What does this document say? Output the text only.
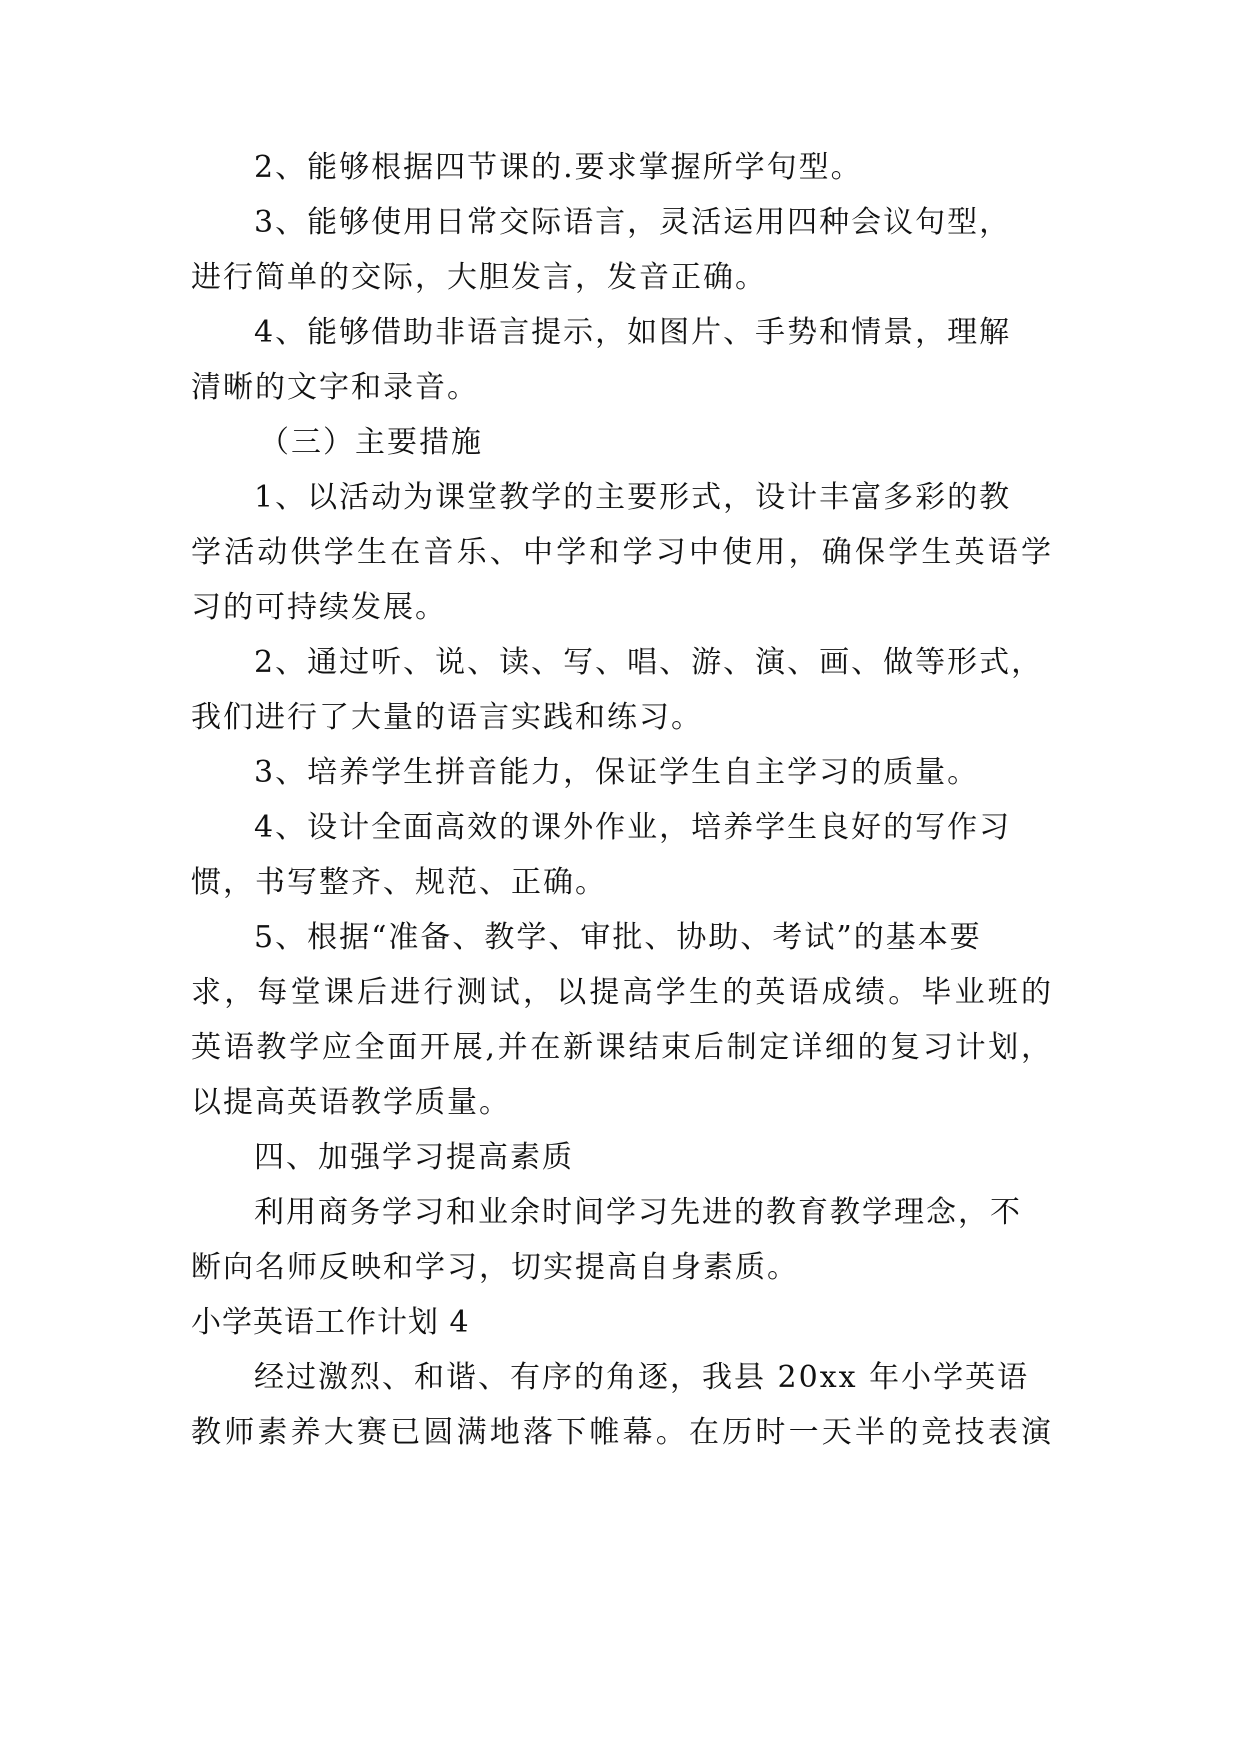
2、能够根据四节课的.要求掌握所学句型。
3、能够使用日常交际语言，灵活运用四种会议句型，
进行简单的交际，大胆发言，发音正确。
4、能够借助非语言提示，如图片、手势和情景，理解
清晰的文字和录音。
（三）主要措施
1、以活动为课堂教学的主要形式，设计丰富多彩的教
学活动供学生在音乐、中学和学习中使用，确保学生英语学
习的可持续发展。
2、通过听、说、读、写、唱、游、演、画、做等形式，
我们进行了大量的语言实践和练习。
3、培养学生拼音能力，保证学生自主学习的质量。
4、设计全面高效的课外作业，培养学生良好的写作习
惯，书写整齐、规范、正确。
5、根据“准备、教学、审批、协助、考试”的基本要
求，每堂课后进行测试，以提高学生的英语成绩。毕业班的
英语教学应全面开展,并在新课结束后制定详细的复习计划，
以提高英语教学质量。
四、加强学习提高素质
利用商务学习和业余时间学习先进的教育教学理念，不
断向名师反映和学习，切实提高自身素质。
小学英语工作计划 4
经过激烈、和谐、有序的角逐，我县 20xx 年小学英语
教师素养大赛已圆满地落下帷幕。在历时一天半的竞技表演
